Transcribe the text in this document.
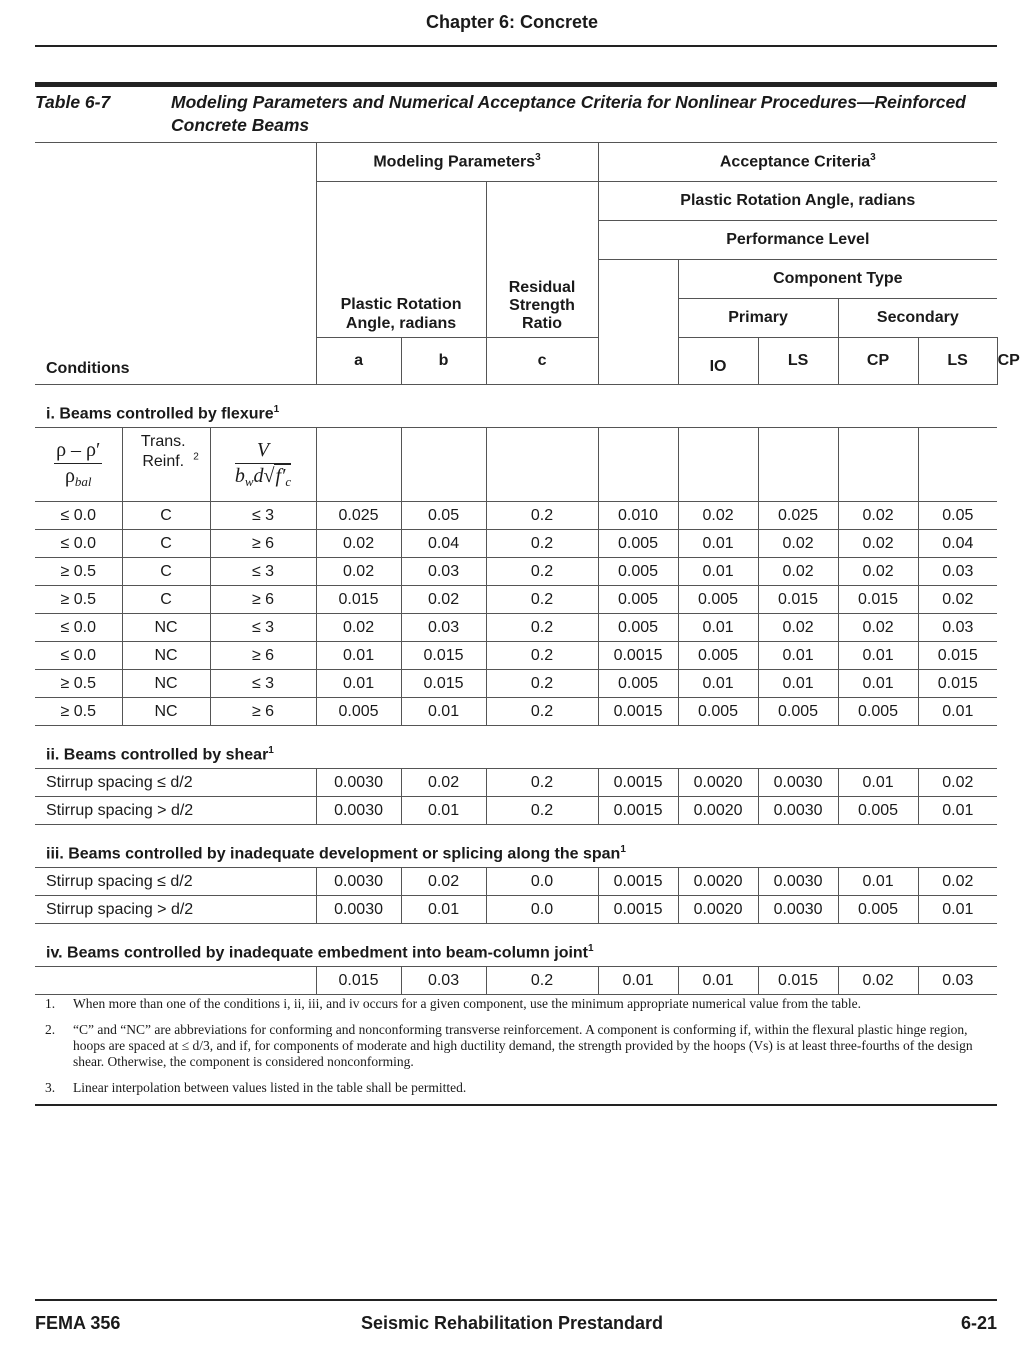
Chapter 6: Concrete
Table 6-7	Modeling Parameters and Numerical Acceptance Criteria for Nonlinear Procedures—Reinforced Concrete Beams
			Modeling Parameters$^3$			Acceptance Criteria$^3$
			Plastic Rotation Angle, radians		Residual Strength Ratio	Plastic Rotation Angle, radians					
						Performance Level					
							Component Type				
							Primary		Secondary		
Conditions			a	b	c		IO	LS	CP	LS	CP
i. Beams controlled by flexure$^1$

$\frac{\rho - \rho'}{\rho_{bal}}$	Trans. Reinf. $^2$	$\frac{V}{b_wd√f'_c}$

≤ 0.0	C	≤ 3	0.025	0.05	0.2	0.010	0.02	0.025	0.02	0.05	
≤ 0.0	C	≥ 6	0.02	0.04	0.2	0.005	0.01	0.02	0.02	0.04	
≥ 0.5	C	≤ 3	0.02	0.03	0.2	0.005	0.01	0.02	0.02	0.03	
≥ 0.5	C	≥ 6	0.015	0.02	0.2	0.005	0.005	0.015	0.015	0.02	
≤ 0.0	NC	≤ 3	0.02	0.03	0.2	0.005	0.01	0.02	0.02	0.03	
≤ 0.0	NC	≥ 6	0.01	0.015	0.2	0.0015	0.005	0.01	0.01	0.015	
≥ 0.5	NC	≤ 3	0.01	0.015	0.2	0.005	0.01	0.01	0.01	0.015	
≥ 0.5	NC	≥ 6	0.005	0.01	0.2	0.0015	0.005	0.005	0.005	0.01	
ii. Beams controlled by shear$^1$
Stirrup spacing ≤ d/2			0.0030	0.02	0.2	0.0015	0.0020	0.0030	0.01	0.02	
Stirrup spacing > d/2			0.0030	0.01	0.2	0.0015	0.0020	0.0030	0.005	0.01	
iii. Beams controlled by inadequate development or splicing along the span$^1$
Stirrup spacing ≤ d/2			0.0030	0.02	0.0	0.0015	0.0020	0.0030	0.01	0.02	
Stirrup spacing > d/2			0.0030	0.01	0.0	0.0015	0.0020	0.0030	0.005	0.01	
iv. Beams controlled by inadequate embedment into beam-column joint$^1$
			0.015	0.03	0.2	0.01	0.01	0.015	0.02	0.03	
1. When more than one of the conditions i, ii, iii, and iv occurs for a given component, use the minimum appropriate numerical value from the table.
2. “C” and “NC” are abbreviations for conforming and nonconforming transverse reinforcement. A component is conforming if, within the flexural plastic hinge region, hoops are spaced at ≤ d/3, and if, for components of moderate and high ductility demand, the strength provided by the hoops (Vs) is at least three-fourths of the design shear. Otherwise, the component is considered nonconforming.
3. Linear interpolation between values listed in the table shall be permitted.
FEMA 356	Seismic Rehabilitation Prestandard	6-21
